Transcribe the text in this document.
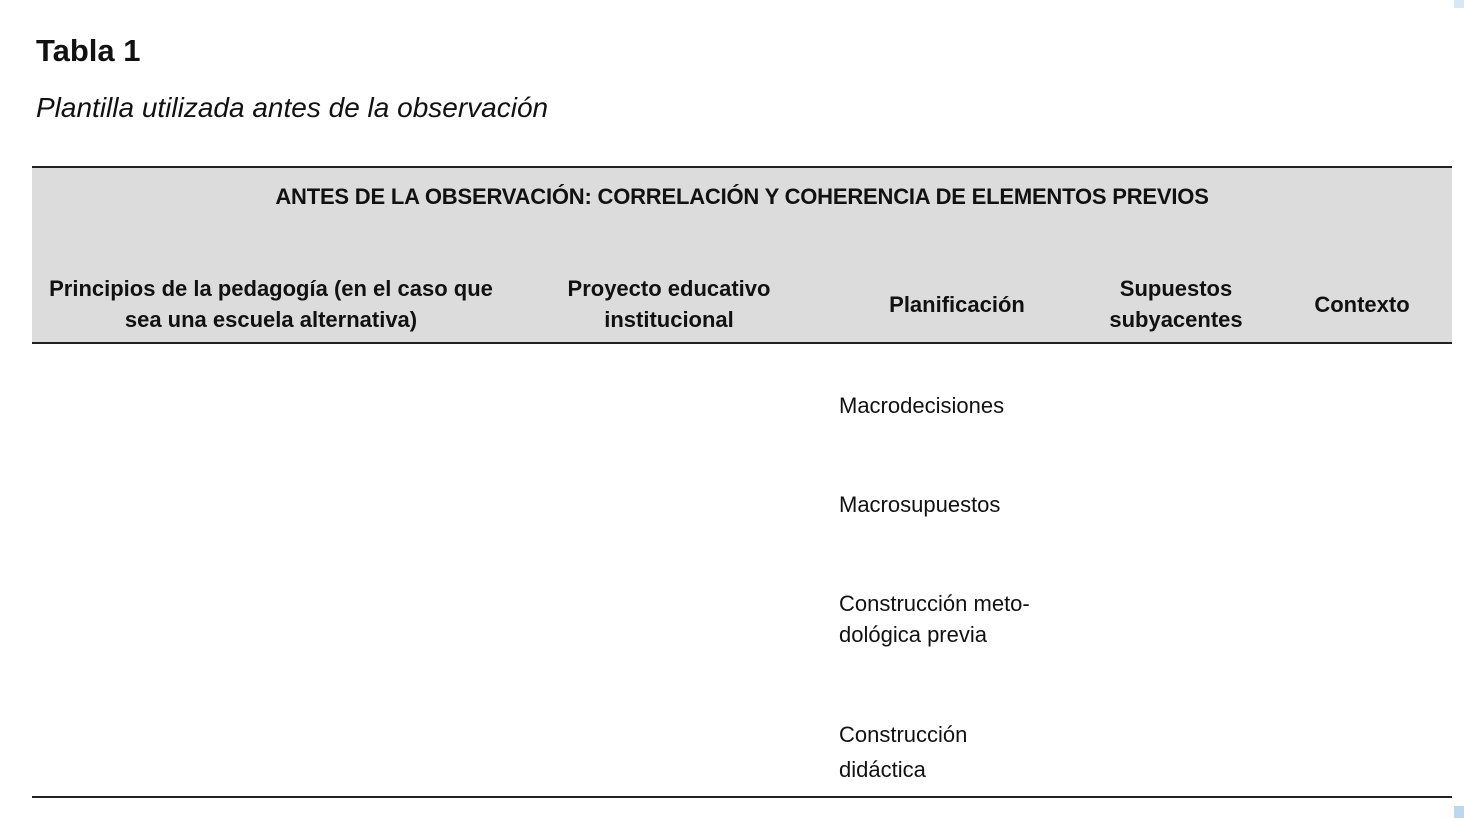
Tabla 1

Plantilla utilizada antes de la observación

ANTES DE LA OBSERVACIÓN: CORRELACIÓN Y COHERENCIA DE ELEMENTOS PREVIOS
Principios de la pedagogía (en el caso que sea una escuela alternativa)
Proyecto educativo institucional
Planificación
Supuestos subyacentes
Contexto
Macrodecisiones
Macrosupuestos
Construcción meto-dológica previa
Construcción didáctica
